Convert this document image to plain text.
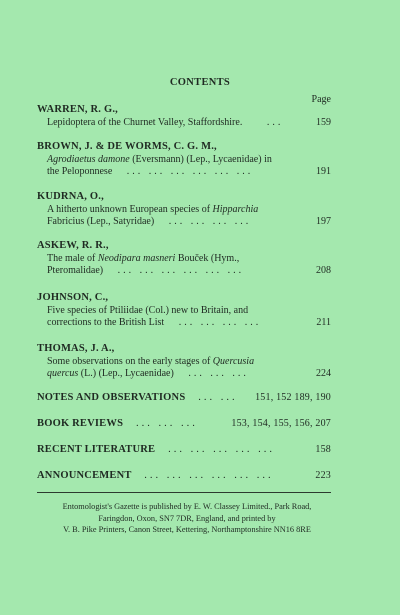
CONTENTS
Page
WARREN, R. G.,
Lepidoptera of the Churnet Valley, Staffordshire. ...	159
BROWN, J. & DE WORMS, C. G. M.,
Agrodiaetus damone (Eversmann) (Lep., Lycaenidae) in
the Peloponnese ... ... ... ... ... ...	191
KUDRNA, O.,
A hitherto unknown European species of Hipparchia
Fabricius (Lep., Satyridae) ... ... ... ...	197
ASKEW, R. R.,
The male of Neodipara masneri Bouček (Hym.,
Pteromalidae) ... ... ... ... ... ...	208
JOHNSON, C.,
Five species of Ptiliidae (Col.) new to Britain, and
corrections to the British List ... ... ... ...	211
THOMAS, J. A.,
Some observations on the early stages of Quercusia
quercus (L.) (Lep., Lycaenidae) ... ... ...	224
NOTES AND OBSERVATIONS ... ... 151, 152 189, 190
BOOK REVIEWS ... ... ...	153, 154, 155, 156, 207
RECENT LITERATURE ... ... ... ... ...	158
ANNOUNCEMENT ... ... ... ... ... ...	223
Entomologist's Gazette is published by E. W. Classey Limited., Park Road,
Faringdon, Oxon, SN7 7DR, England, and printed by
V. B. Pike Printers, Canon Street, Kettering, Northamptonshire NN16 8RE
